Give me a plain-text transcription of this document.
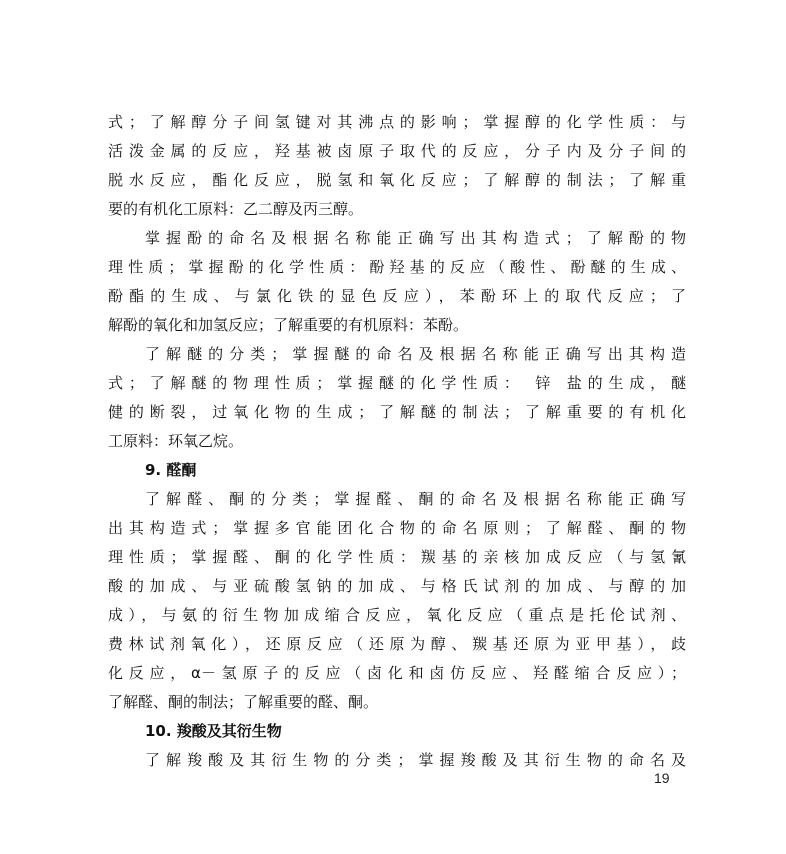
式；了解醇分子间氢键对其沸点的影响；掌握醇的化学性质：与
活泼金属的反应，羟基被卤原子取代的反应，分子内及分子间的
脱水反应，酯化反应，脱氢和氧化反应；了解醇的制法；了解重
要的有机化工原料：乙二醇及丙三醇。
掌握酚的命名及根据名称能正确写出其构造式；了解酚的物
理性质；掌握酚的化学性质：酚羟基的反应（酸性、酚醚的生成、
酚酯的生成、与氯化铁的显色反应），苯酚环上的取代反应；了
解酚的氧化和加氢反应；了解重要的有机原料：苯酚。
了解醚的分类；掌握醚的命名及根据名称能正确写出其构造
式；了解醚的物理性质；掌握醚的化学性质： 锌 盐的生成，醚
健的断裂，过氧化物的生成；了解醚的制法；了解重要的有机化
工原料：环氧乙烷。
9. 醛酮
了解醛、酮的分类；掌握醛、酮的命名及根据名称能正确写
出其构造式；掌握多官能团化合物的命名原则；了解醛、酮的物
理性质；掌握醛、酮的化学性质：羰基的亲核加成反应（与氢氰
酸的加成、与亚硫酸氢钠的加成、与格氏试剂的加成、与醇的加
成），与氨的衍生物加成缩合反应，氧化反应（重点是托伦试剂、
费林试剂氧化），还原反应（还原为醇、羰基还原为亚甲基），歧
化反应，α－氢原子的反应（卤化和卤仿反应、羟醛缩合反应）；
了解醛、酮的制法；了解重要的醛、酮。
10. 羧酸及其衍生物
了解羧酸及其衍生物的分类；掌握羧酸及其衍生物的命名及
19
